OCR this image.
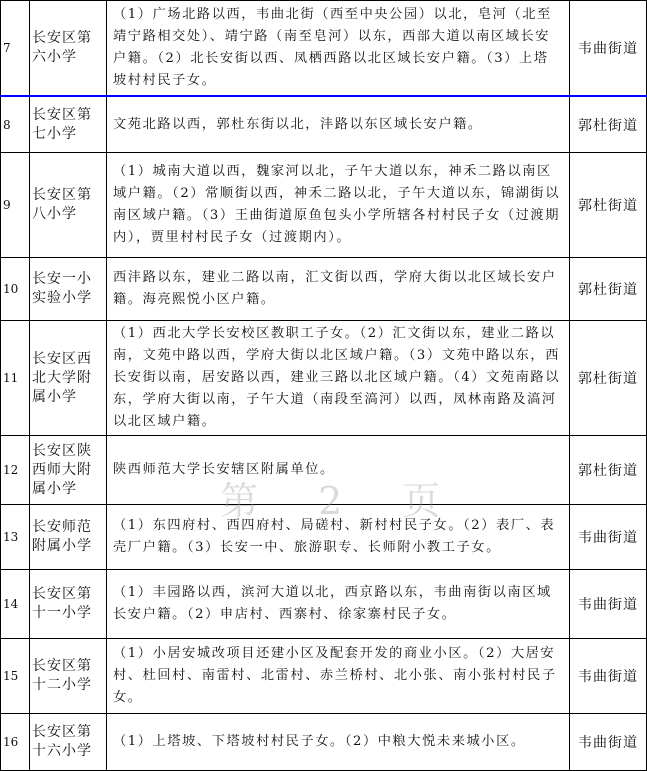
7	长安区第六小学	（1）广场北路以西，韦曲北街（西至中央公园）以北，皂河（北至靖宁路相交处）、靖宁路（南至皂河）以东，西部大道以南区域长安户籍。（2）北长安街以西、凤栖西路以北区域长安户籍。（3）上塔坡村村民子女。	韦曲街道
8	长安区第七小学	文苑北路以西，郭杜东街以北，沣路以东区域长安户籍。	郭杜街道
9	长安区第八小学	（1）城南大道以西，魏家河以北，子午大道以东，神禾二路以南区域户籍。（2）常顺街以西，神禾二路以北，子午大道以东，锦湖街以南区域户籍。（3）王曲街道原鱼包头小学所辖各村村民子女（过渡期内），贾里村村民子女（过渡期内）。	郭杜街道
10	长安一小实验小学	西沣路以东，建业二路以南，汇文街以西，学府大街以北区域长安户籍。海亮熙悦小区户籍。	郭杜街道
11	长安区西北大学附属小学	（1）西北大学长安校区教职工子女。（2）汇文街以东，建业二路以南，文苑中路以西，学府大街以北区域户籍。（3）文苑中路以东，西长安街以南，居安路以西，建业三路以北区域户籍。（4）文苑南路以东，学府大街以南，子午大道（南段至滈河）以西，凤林南路及滈河以北区域户籍。	郭杜街道
12	长安区陕西师大附属小学	陕西师范大学长安辖区附属单位。	郭杜街道
13	长安师范附属小学	（1）东四府村、西四府村、局磋村、新村村民子女。（2）表厂、表壳厂户籍。（3）长安一中、旅游职专、长师附小教工子女。	韦曲街道
14	长安区第十一小学	（1）丰园路以西，滨河大道以北，西京路以东，韦曲南街以南区域长安户籍。（2）申店村、西寨村、徐家寨村民子女。	韦曲街道
15	长安区第十二小学	（1）小居安城改项目还建小区及配套开发的商业小区。（2）大居安村、杜回村、南雷村、北雷村、赤兰桥村、北小张、南小张村村民子女。	韦曲街道
16	长安区第十六小学	（1）上塔坡、下塔坡村村民子女。（2）中粮大悦未来城小区。	韦曲街道
第 2 页
